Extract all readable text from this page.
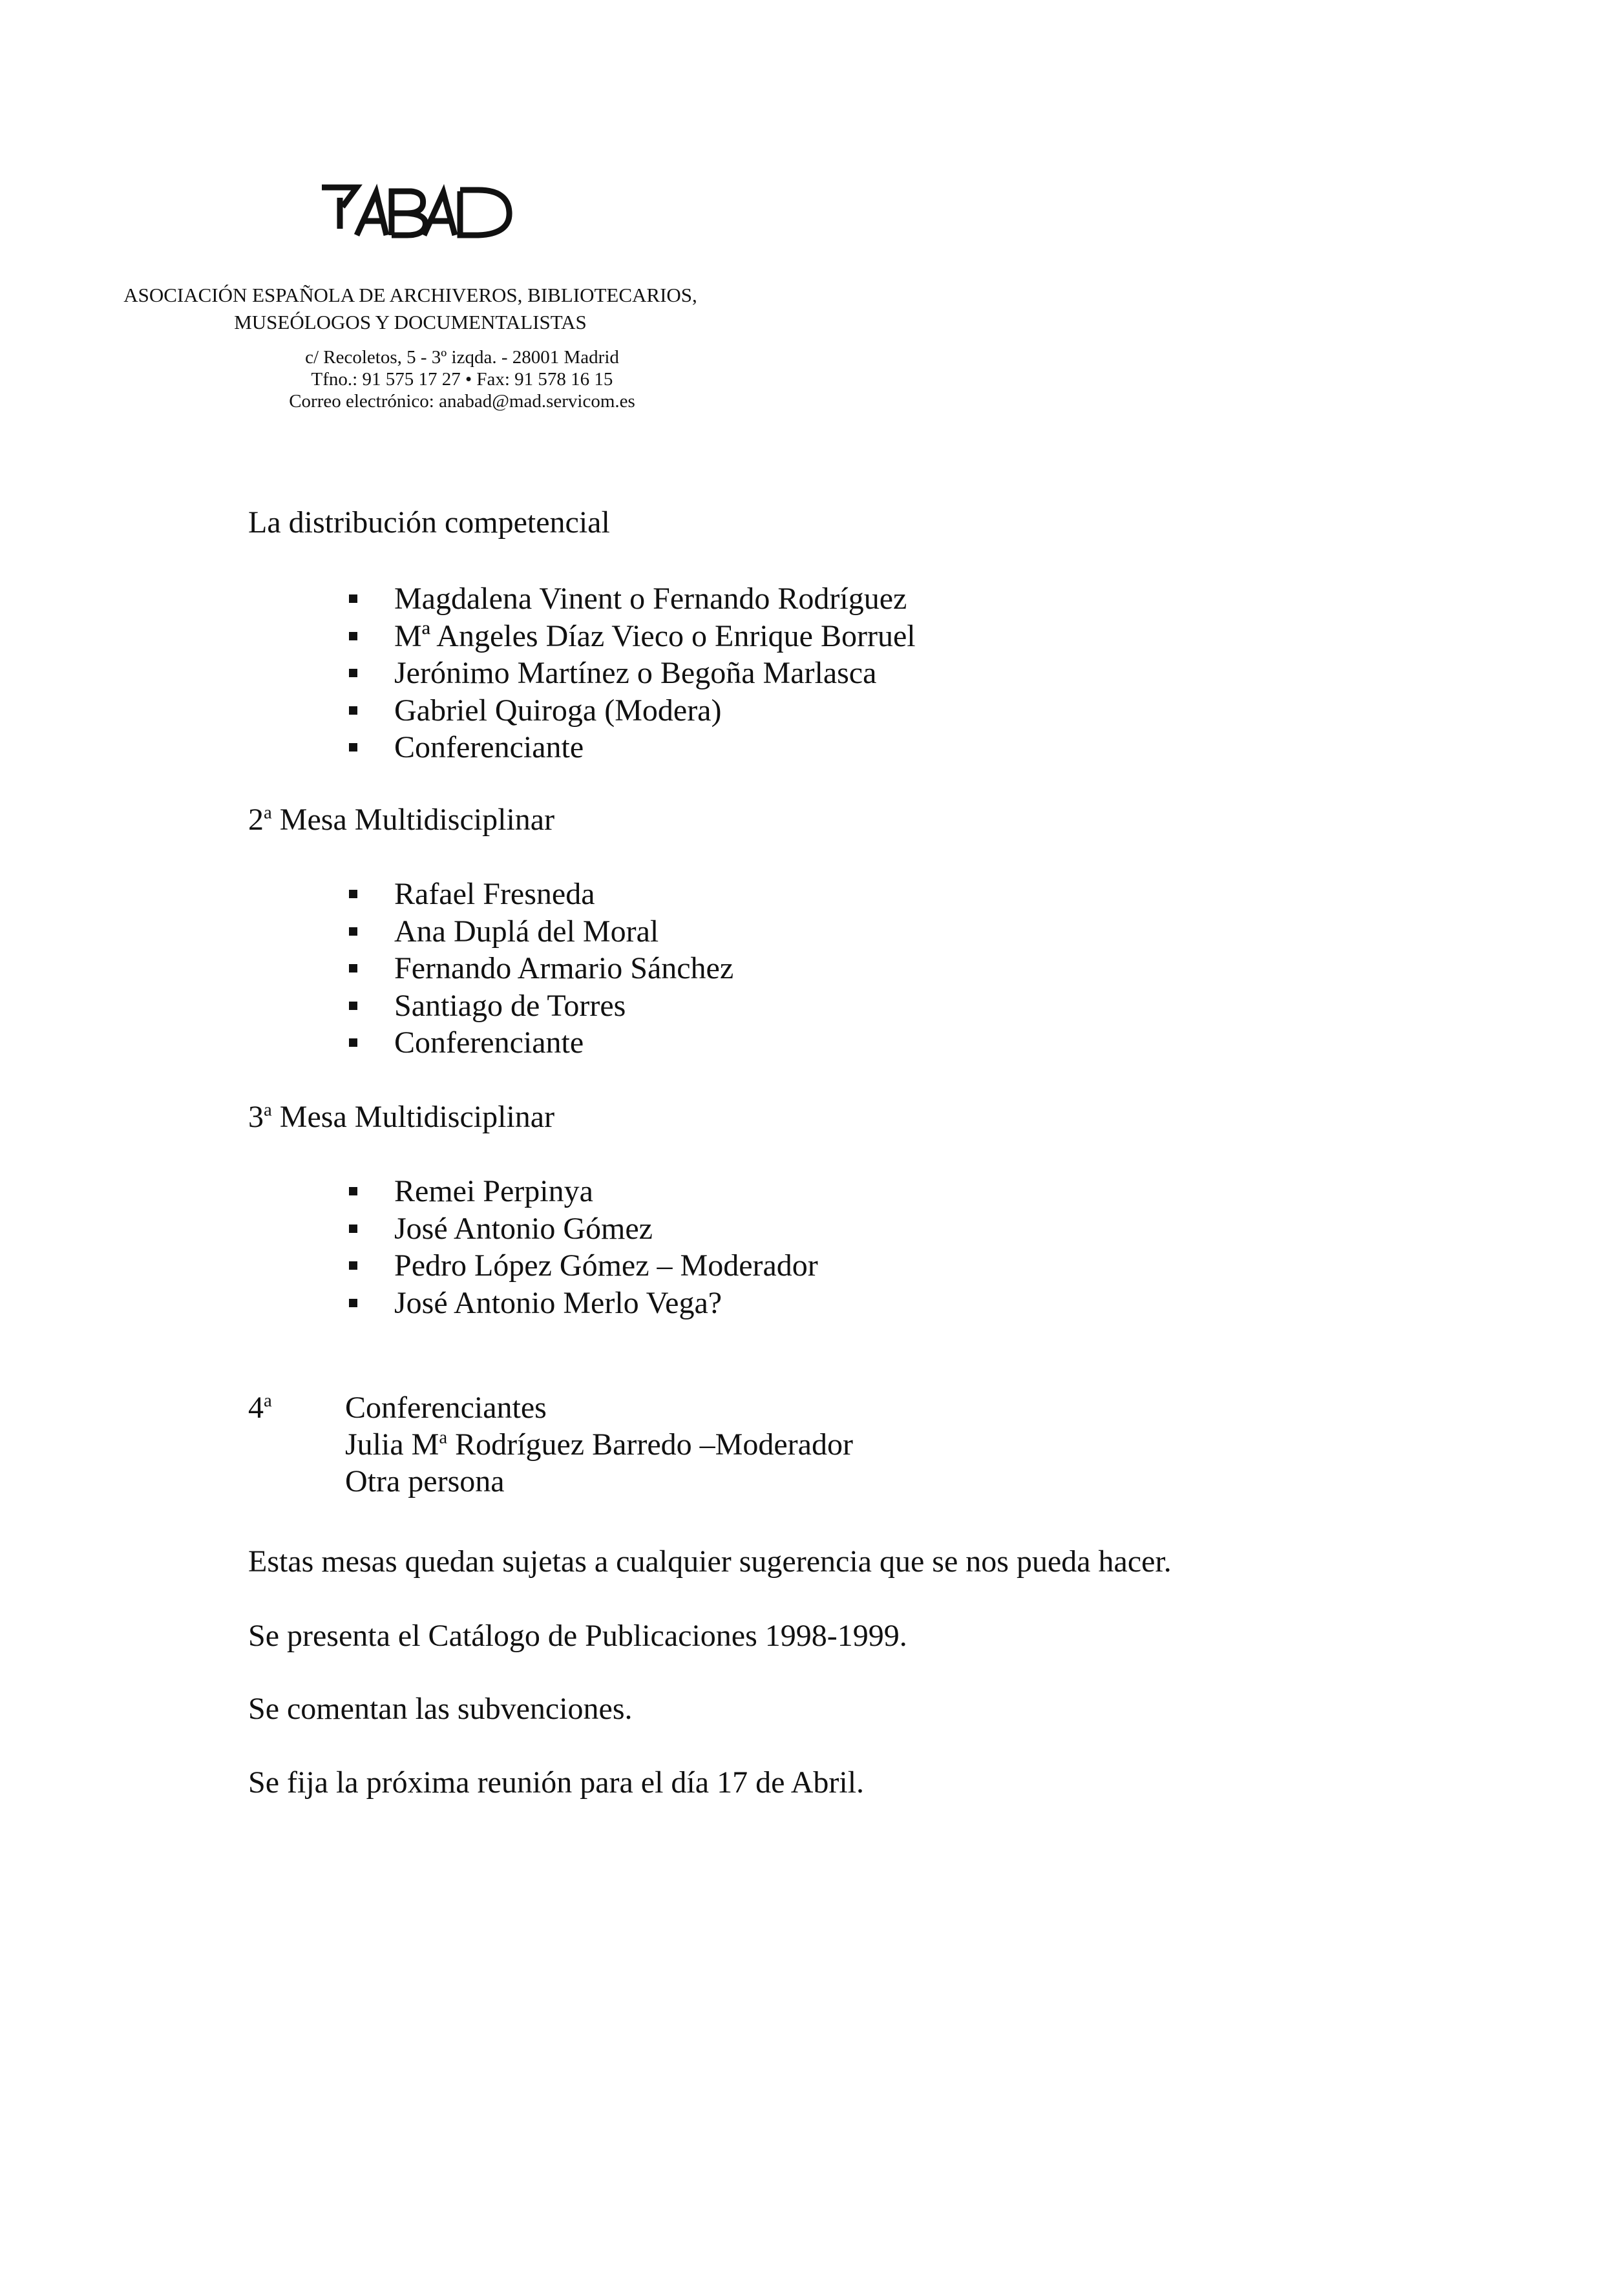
ASOCIACIÓN ESPAÑOLA DE ARCHIVEROS, BIBLIOTECARIOS,
MUSEÓLOGOS Y DOCUMENTALISTAS
c/ Recoletos, 5 - 3º izqda. - 28001 Madrid
Tfno.: 91 575 17 27 • Fax: 91 578 16 15
Correo electrónico: anabad@mad.servicom.es
La distribución competencial
Magdalena Vinent o Fernando Rodríguez
Mª Angeles Díaz Vieco o Enrique Borruel
Jerónimo Martínez o Begoña Marlasca
Gabriel Quiroga (Modera)
Conferenciante
2$^a$ Mesa Multidisciplinar
Rafael Fresneda
Ana Duplá del Moral
Fernando Armario Sánchez
Santiago de Torres
Conferenciante
3$^a$ Mesa Multidisciplinar
Remei Perpinya
José Antonio Gómez
Pedro López Gómez – Moderador
José Antonio Merlo Vega?
4$^a$ Conferenciantes
Julia $M^a$ Rodríguez Barredo –Moderador
Otra persona
Estas mesas quedan sujetas a cualquier sugerencia que se nos pueda hacer.
Se presenta el Catálogo de Publicaciones 1998-1999.
Se comentan las subvenciones.
Se fija la próxima reunión para el día 17 de Abril.
